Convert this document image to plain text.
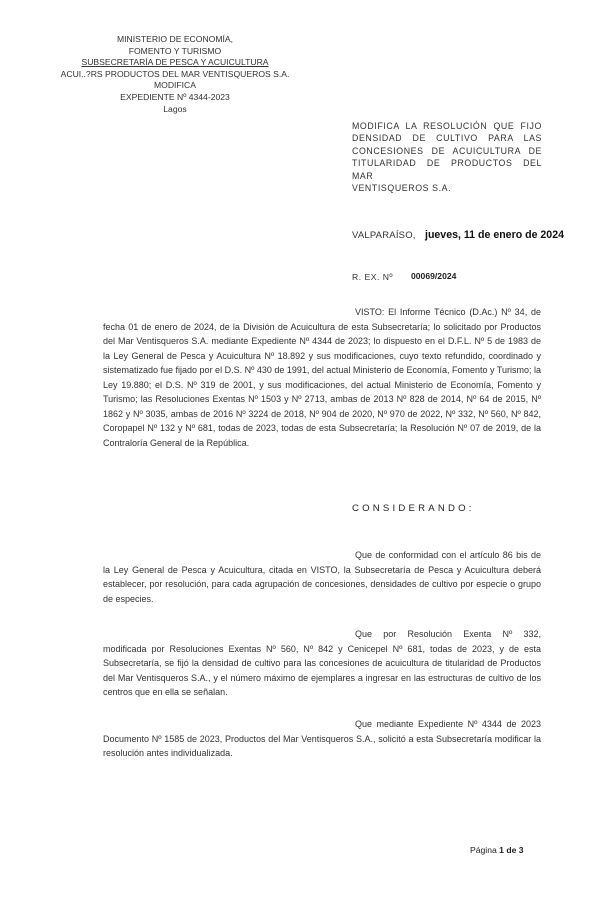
MINISTERIO DE ECONOMÍA,
FOMENTO Y TURISMO
SUBSECRETARÍA DE PESCA Y ACUICULTURA
ACUI..?RS PRODUCTOS DEL MAR VENTISQUEROS S.A. MODIFICA
EXPEDIENTE Nº 4344-2023
Lagos
MODIFICA LA RESOLUCIÓN QUE FIJO
DENSIDAD DE CULTIVO PARA LAS
CONCESIONES DE ACUICULTURA DE
TITULARIDAD DE PRODUCTOS DEL MAR
VENTISQUEROS S.A.
VALPARAÍSO, jueves, 11 de enero de 2024
R. EX. Nº 00069/2024
VISTO: El Informe Técnico (D.Ac.) Nº 34, de fecha 01 de enero de 2024, de la División de Acuicultura de esta Subsecretaría; lo solicitado por Productos del Mar Ventisqueros S.A. mediante Expediente Nº 4344 de 2023; lo dispuesto en el D.F.L. Nº 5 de 1983 de la Ley General de Pesca y Acuicultura Nº 18.892 y sus modificaciones, cuyo texto refundido, coordinado y sistematizado fue fijado por el D.S. Nº 430 de 1991, del actual Ministerio de Economía, Fomento y Turismo; la Ley 19.880; el D.S. Nº 319 de 2001, y sus modificaciones, del actual Ministerio de Economía, Fomento y Turismo; las Resoluciones Exentas Nº 1503 y Nº 2713, ambas de 2013 Nº 828 de 2014, Nº 64 de 2015, Nº 1862 y Nº 3035, ambas de 2016 Nº 3224 de 2018, Nº 904 de 2020, Nº 970 de 2022, Nº 332, Nº 560, Nº 842, Coropapel Nº 132 y Nº 681, todas de 2023, todas de esta Subsecretaría; la Resolución Nº 07 de 2019, de la Contraloría General de la República.
CONSIDERANDO:
Que de conformidad con el artículo 86 bis de la Ley General de Pesca y Acuicultura, citada en VISTO, la Subsecretaría de Pesca y Acuicultura deberá establecer, por resolución, para cada agrupación de concesiones, densidades de cultivo por especie o grupo de especies.
Que por Resolución Exenta Nº 332, modificada por Resoluciones Exentas Nº 560, Nº 842 y Cenicepel Nº 681, todas de 2023, y de esta Subsecretaría, se fijó la densidad de cultivo para las concesiones de acuicultura de titularidad de Productos del Mar Ventisqueros S.A., y el número máximo de ejemplares a ingresar en las estructuras de cultivo de los centros que en ella se señalan.
Que mediante Expediente Nº 4344 de 2023 Documento Nº 1585 de 2023, Productos del Mar Ventisqueros S.A., solicitó a esta Subsecretaría modificar la resolución antes individualizada.
Página 1 de 3
